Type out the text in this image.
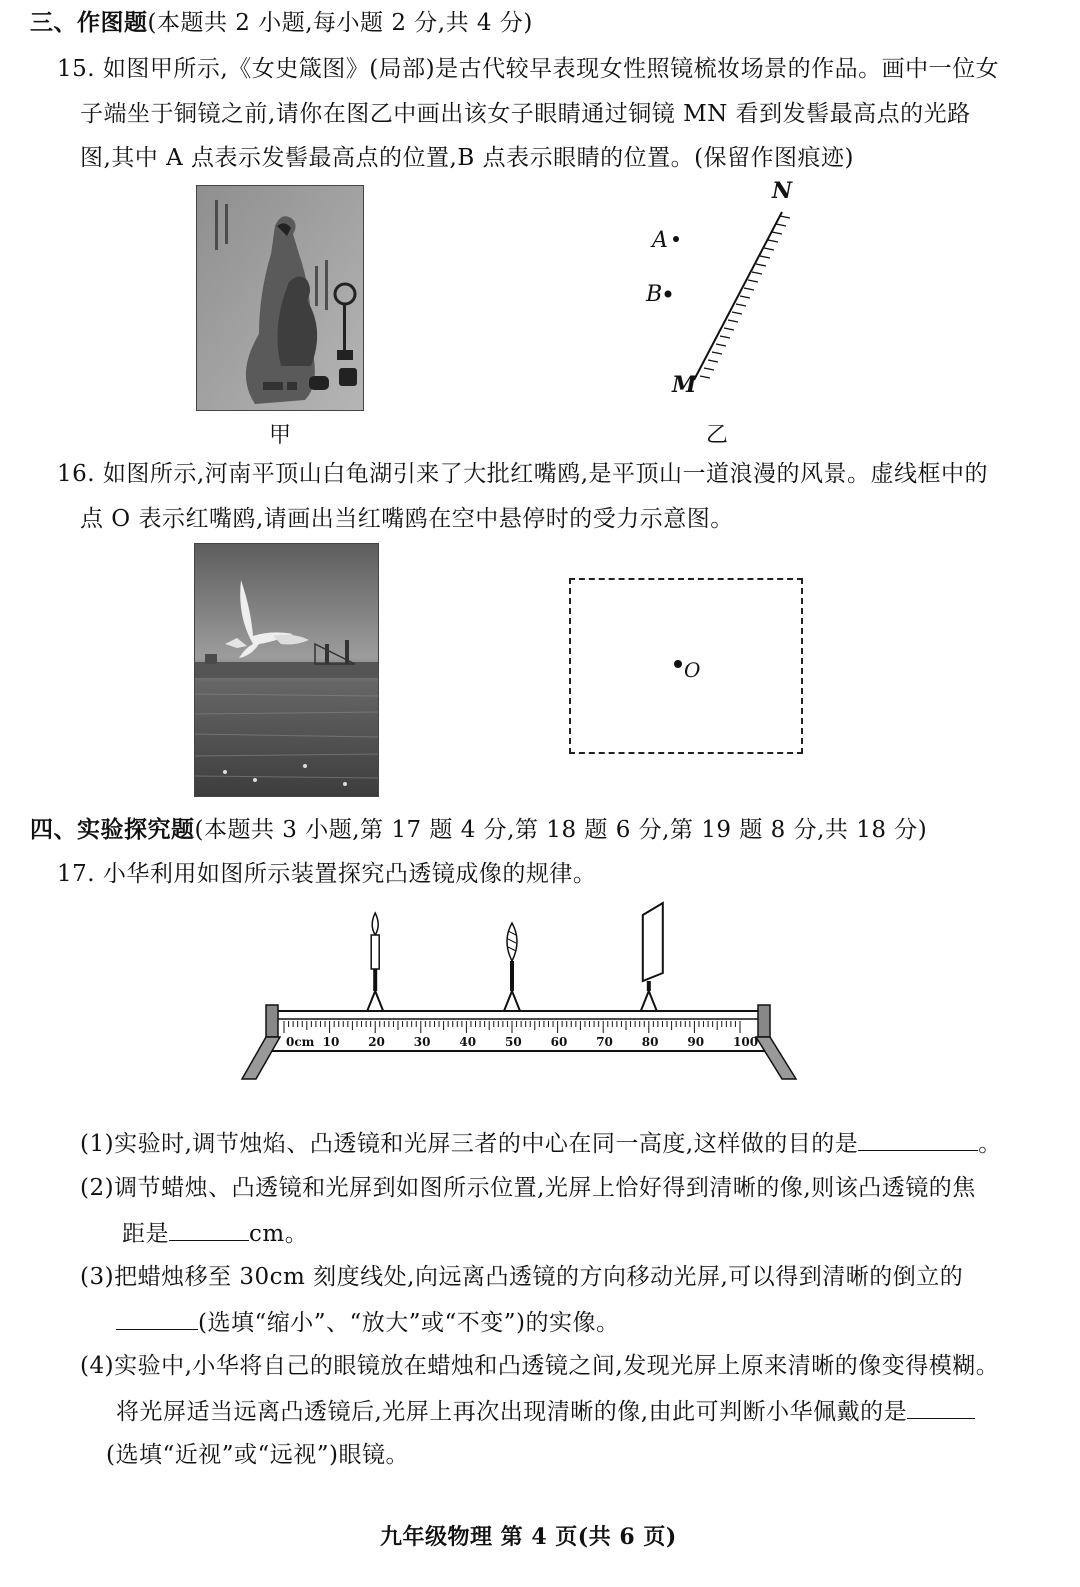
三、作图题(本题共 2 小题,每小题 2 分,共 4 分)
15. 如图甲所示,《女史箴图》(局部)是古代较早表现女性照镜梳妆场景的作品。画中一位女
子端坐于铜镜之前,请你在图乙中画出该女子眼睛通过铜镜 MN 看到发髻最高点的光路
图,其中 A 点表示发髻最高点的位置,B 点表示眼睛的位置。(保留作图痕迹)
甲
N
M
A
B
乙
16. 如图所示,河南平顶山白龟湖引来了大批红嘴鸥,是平顶山一道浪漫的风景。虚线框中的
点 O 表示红嘴鸥,请画出当红嘴鸥在空中悬停时的受力示意图。
O
四、实验探究题(本题共 3 小题,第 17 题 4 分,第 18 题 6 分,第 19 题 8 分,共 18 分)
17. 小华利用如图所示装置探究凸透镜成像的规律。
0cm 10 20 30 40 50 60 70 80 90 100
(1)实验时,调节烛焰、凸透镜和光屏三者的中心在同一高度,这样做的目的是	。
(2)调节蜡烛、凸透镜和光屏到如图所示位置,光屏上恰好得到清晰的像,则该凸透镜的焦
距是	cm。
(3)把蜡烛移至 30cm 刻度线处,向远离凸透镜的方向移动光屏,可以得到清晰的倒立的
(选填“缩小”、“放大”或“不变”)的实像。
(4)实验中,小华将自己的眼镜放在蜡烛和凸透镜之间,发现光屏上原来清晰的像变得模糊。
将光屏适当远离凸透镜后,光屏上再次出现清晰的像,由此可判断小华佩戴的是
(选填“近视”或“远视”)眼镜。
九年级物理 第 4 页(共 6 页)
